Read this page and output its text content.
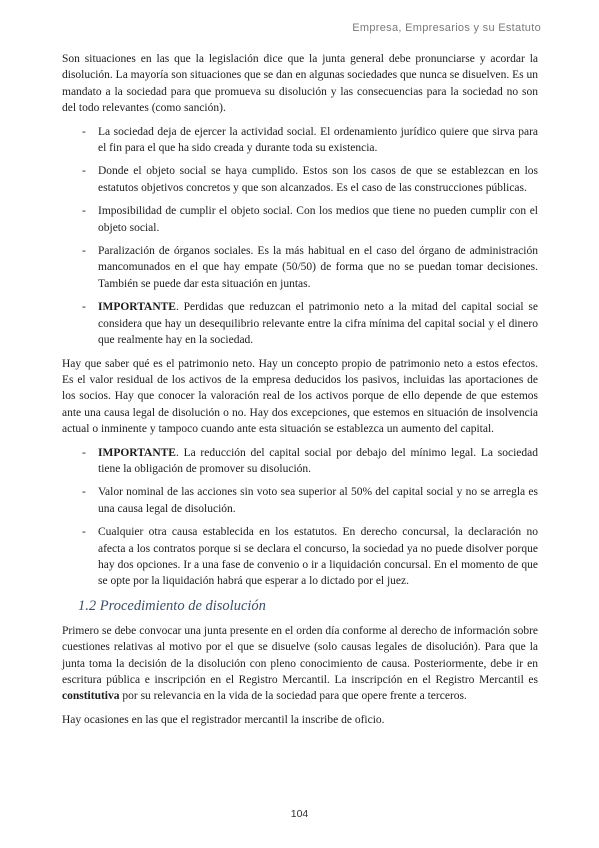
Empresa, Empresarios y su Estatuto

Son situaciones en las que la legislación dice que la junta general debe pronunciarse y acordar la disolución. La mayoría son situaciones que se dan en algunas sociedades que nunca se disuelven. Es un mandato a la sociedad para que promueva su disolución y las consecuencias para la sociedad no son del todo relevantes (como sanción).

- La sociedad deja de ejercer la actividad social. El ordenamiento jurídico quiere que sirva para el fin para el que ha sido creada y durante toda su existencia.
- Donde el objeto social se haya cumplido. Estos son los casos de que se establezcan en los estatutos objetivos concretos y que son alcanzados. Es el caso de las construcciones públicas.
- Imposibilidad de cumplir el objeto social. Con los medios que tiene no pueden cumplir con el objeto social.
- Paralización de órganos sociales. Es la más habitual en el caso del órgano de administración mancomunados en el que hay empate (50/50) de forma que no se puedan tomar decisiones. También se puede dar esta situación en juntas.
- IMPORTANTE. Perdidas que reduzcan el patrimonio neto a la mitad del capital social se considera que hay un desequilibrio relevante entre la cifra mínima del capital social y el dinero que realmente hay en la sociedad.

Hay que saber qué es el patrimonio neto. Hay un concepto propio de patrimonio neto a estos efectos. Es el valor residual de los activos de la empresa deducidos los pasivos, incluidas las aportaciones de los socios. Hay que conocer la valoración real de los activos porque de ello depende de que estemos ante una causa legal de disolución o no. Hay dos excepciones, que estemos en situación de insolvencia actual o inminente y tampoco cuando ante esta situación se establezca un aumento del capital.

- IMPORTANTE. La reducción del capital social por debajo del mínimo legal. La sociedad tiene la obligación de promover su disolución.
- Valor nominal de las acciones sin voto sea superior al 50% del capital social y no se arregla es una causa legal de disolución.
- Cualquier otra causa establecida en los estatutos. En derecho concursal, la declaración no afecta a los contratos porque si se declara el concurso, la sociedad ya no puede disolver porque hay dos opciones. Ir a una fase de convenio o ir a liquidación concursal. En el momento de que se opte por la liquidación habrá que esperar a lo dictado por el juez.
1.2 Procedimiento de disolución

Primero se debe convocar una junta presente en el orden día conforme al derecho de información sobre cuestiones relativas al motivo por el que se disuelve (solo causas legales de disolución). Para que la junta toma la decisión de la disolución con pleno conocimiento de causa. Posteriormente, debe ir en escritura pública e inscripción en el Registro Mercantil. La inscripción en el Registro Mercantil es constitutiva por su relevancia en la vida de la sociedad para que opere frente a terceros.

Hay ocasiones en las que el registrador mercantil la inscribe de oficio.

104
